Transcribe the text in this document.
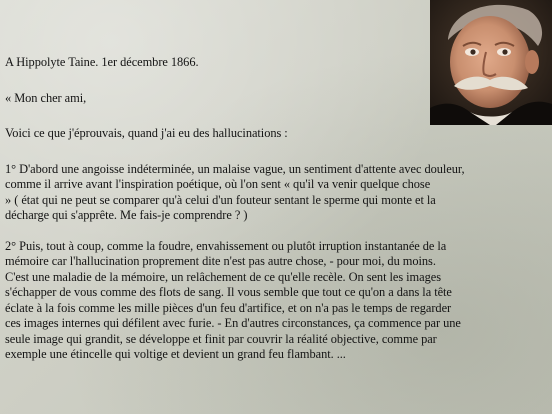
A Hippolyte Taine. 1er décembre 1866.

« Mon cher ami,

Voici ce que j'éprouvais, quand j'ai eu des hallucinations :

1° D'abord une angoisse indéterminée, un malaise vague, un sentiment d'attente avec douleur,
comme il arrive avant l'inspiration poétique, où l'on sent « qu'il va venir quelque chose
» ( état qui ne peut se comparer qu'à celui d'un fouteur sentant le sperme qui monte et la
décharge qui s'apprête. Me fais-je comprendre ? )

2° Puis, tout à coup, comme la foudre, envahissement ou plutôt irruption instantanée de la
mémoire car l'hallucination proprement dite n'est pas autre chose, - pour moi, du moins.
C'est une maladie de la mémoire, un relâchement de ce qu'elle recèle. On sent les images
s'échapper de vous comme des flots de sang. Il vous semble que tout ce qu'on a dans la tête
éclate à la fois comme les mille pièces d'un feu d'artifice, et on n'a pas le temps de regarder
ces images internes qui défilent avec furie. - En d'autres circonstances, ça commence par une
seule image qui grandit, se développe et finit par couvrir la réalité objective, comme par
exemple une étincelle qui voltige et devient un grand feu flambant. ...
